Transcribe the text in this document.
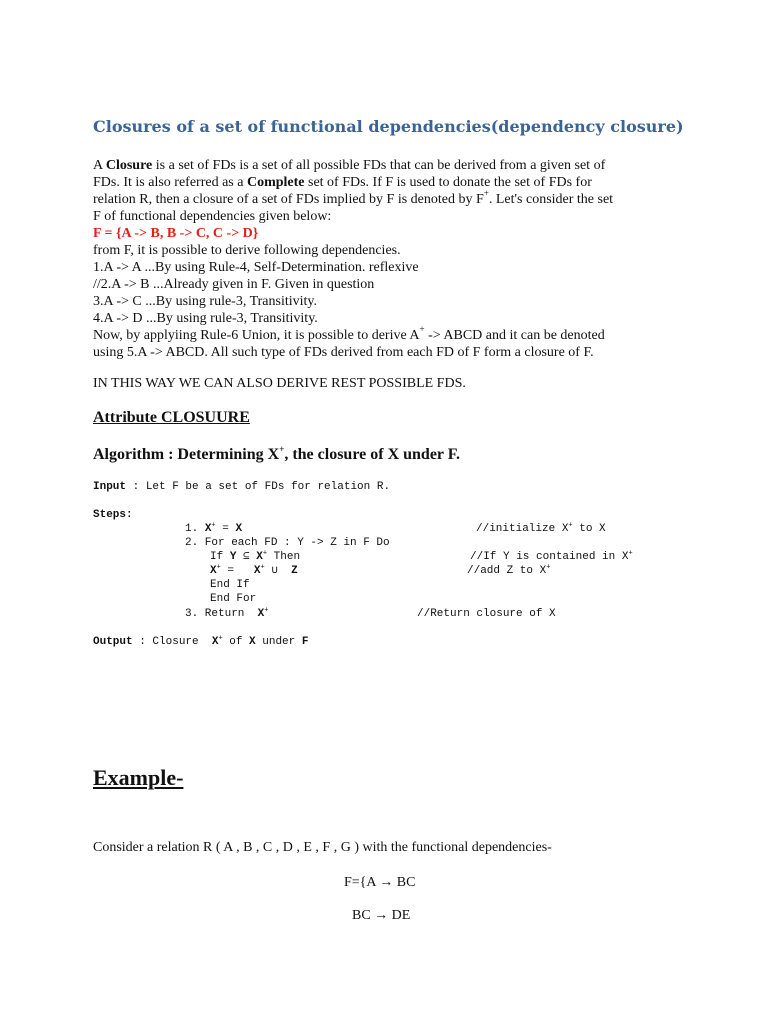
Closures of a set of functional dependencies(dependency closure)

A Closure is a set of FDs is a set of all possible FDs that can be derived from a given set of

FDs. It is also referred as a Complete set of FDs. If F is used to donate the set of FDs for

relation R, then a closure of a set of FDs implied by F is denoted by F+. Let's consider the set

F of functional dependencies given below:

F = {A -> B, B -> C, C -> D}

from F, it is possible to derive following dependencies.

1.A -> A ...By using Rule-4, Self-Determination. reflexive

//2.A -> B ...Already given in F. Given in question

3.A -> C ...By using rule-3, Transitivity.

4.A -> D ...By using rule-3, Transitivity.

Now, by applyiing Rule-6 Union, it is possible to derive A+ -> ABCD and it can be denoted

using 5.A -> ABCD. All such type of FDs derived from each FD of F form a closure of F.

IN THIS WAY WE CAN ALSO DERIVE REST POSSIBLE FDS.
Attribute CLOSUURE
Algorithm : Determining X+, the closure of X under F.
Input : Let F be a set of FDs for relation R.
Steps:
1. X+ = X	//initialize X+ to X
2. For each FD : Y -> Z in F Do
If Y ⊆ X+ Then	//If Y is contained in X+
X+ =   X+ ∪  Z	//add Z to X+
End If
End For
3. Return  X+	//Return closure of X
Output : Closure  X+ of X under F
Example-
Consider a relation R ( A , B , C , D , E , F , G ) with the functional dependencies-
F={A → BC
BC → DE
